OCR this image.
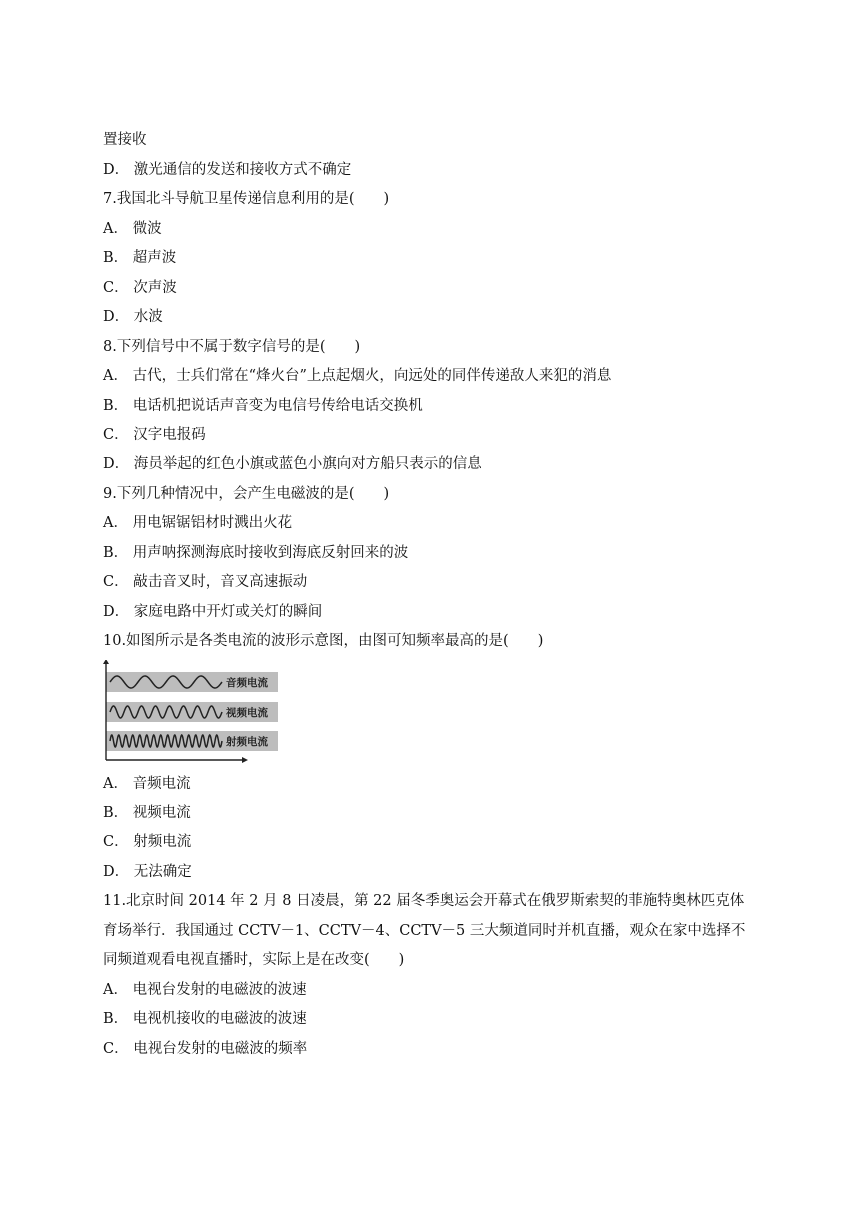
置接收
D． 激光通信的发送和接收方式不确定
7.我国北斗导航卫星传递信息利用的是(　　)
A． 微波
B． 超声波
C． 次声波
D． 水波
8.下列信号中不属于数字信号的是(　　)
A． 古代，士兵们常在“烽火台”上点起烟火，向远处的同伴传递敌人来犯的消息
B． 电话机把说话声音变为电信号传给电话交换机
C． 汉字电报码
D． 海员举起的红色小旗或蓝色小旗向对方船只表示的信息
9.下列几种情况中，会产生电磁波的是(　　)
A． 用电锯锯铝材时溅出火花
B． 用声呐探测海底时接收到海底反射回来的波
C． 敲击音叉时，音叉高速振动
D． 家庭电路中开灯或关灯的瞬间
10.如图所示是各类电流的波形示意图，由图可知频率最高的是(　　)
音频电流
视频电流
射频电流
A． 音频电流
B． 视频电流
C． 射频电流
D． 无法确定
11.北京时间 2014 年 2 月 8 日凌晨，第 22 届冬季奥运会开幕式在俄罗斯索契的菲施特奥林匹克体
育场举行．我国通过 CCTV－1、CCTV－4、CCTV－5 三大频道同时并机直播，观众在家中选择不
同频道观看电视直播时，实际上是在改变(　　)
A． 电视台发射的电磁波的波速
B． 电视机接收的电磁波的波速
C． 电视台发射的电磁波的频率
